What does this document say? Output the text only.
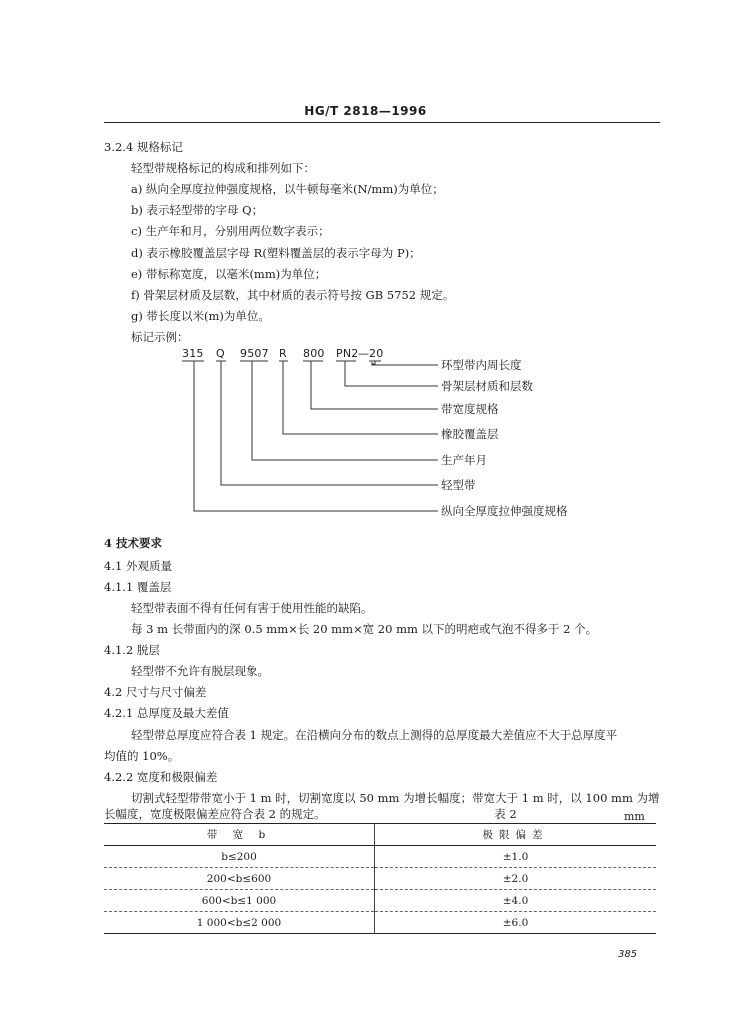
HG/T 2818—1996
3.2.4 规格标记
轻型带规格标记的构成和排列如下：
a) 纵向全厚度拉伸强度规格，以牛顿每毫米(N/mm)为单位；
b) 表示轻型带的字母 Q；
c) 生产年和月，分别用两位数字表示；
d) 表示橡胶覆盖层字母 R(塑料覆盖层的表示字母为 P)；
e) 带标称宽度，以毫米(mm)为单位；
f) 骨架层材质及层数，其中材质的表示符号按 GB 5752 规定。
g) 带长度以米(m)为单位。
标记示例：
315 Q 9507 R 800 PN2 — 20
环型带内周长度
骨架层材质和层数
带宽度规格
橡胶覆盖层
生产年月
轻型带
纵向全厚度拉伸强度规格
4 技术要求
4.1 外观质量
4.1.1 覆盖层
轻型带表面不得有任何有害于使用性能的缺陷。
每 3 m 长带面内的深 0.5 mm×长 20 mm×宽 20 mm 以下的明疤或气泡不得多于 2 个。
4.1.2 脱层
轻型带不允许有脱层现象。
4.2 尺寸与尺寸偏差
4.2.1 总厚度及最大差值
轻型带总厚度应符合表 1 规定。在沿横向分布的数点上测得的总厚度最大差值应不大于总厚度平
均值的 10%。
4.2.2 宽度和极限偏差
切割式轻型带带宽小于 1 m 时，切割宽度以 50 mm 为增长幅度；带宽大于 1 m 时，以 100 mm 为增
表 2	mm
带 宽 b	极限偏差
b≤200	±1.0
200<b≤600	±2.0
600<b≤1 000	±4.0
1 000<b≤2 000	±6.0
385
长幅度，宽度极限偏差应符合表 2 的规定。
